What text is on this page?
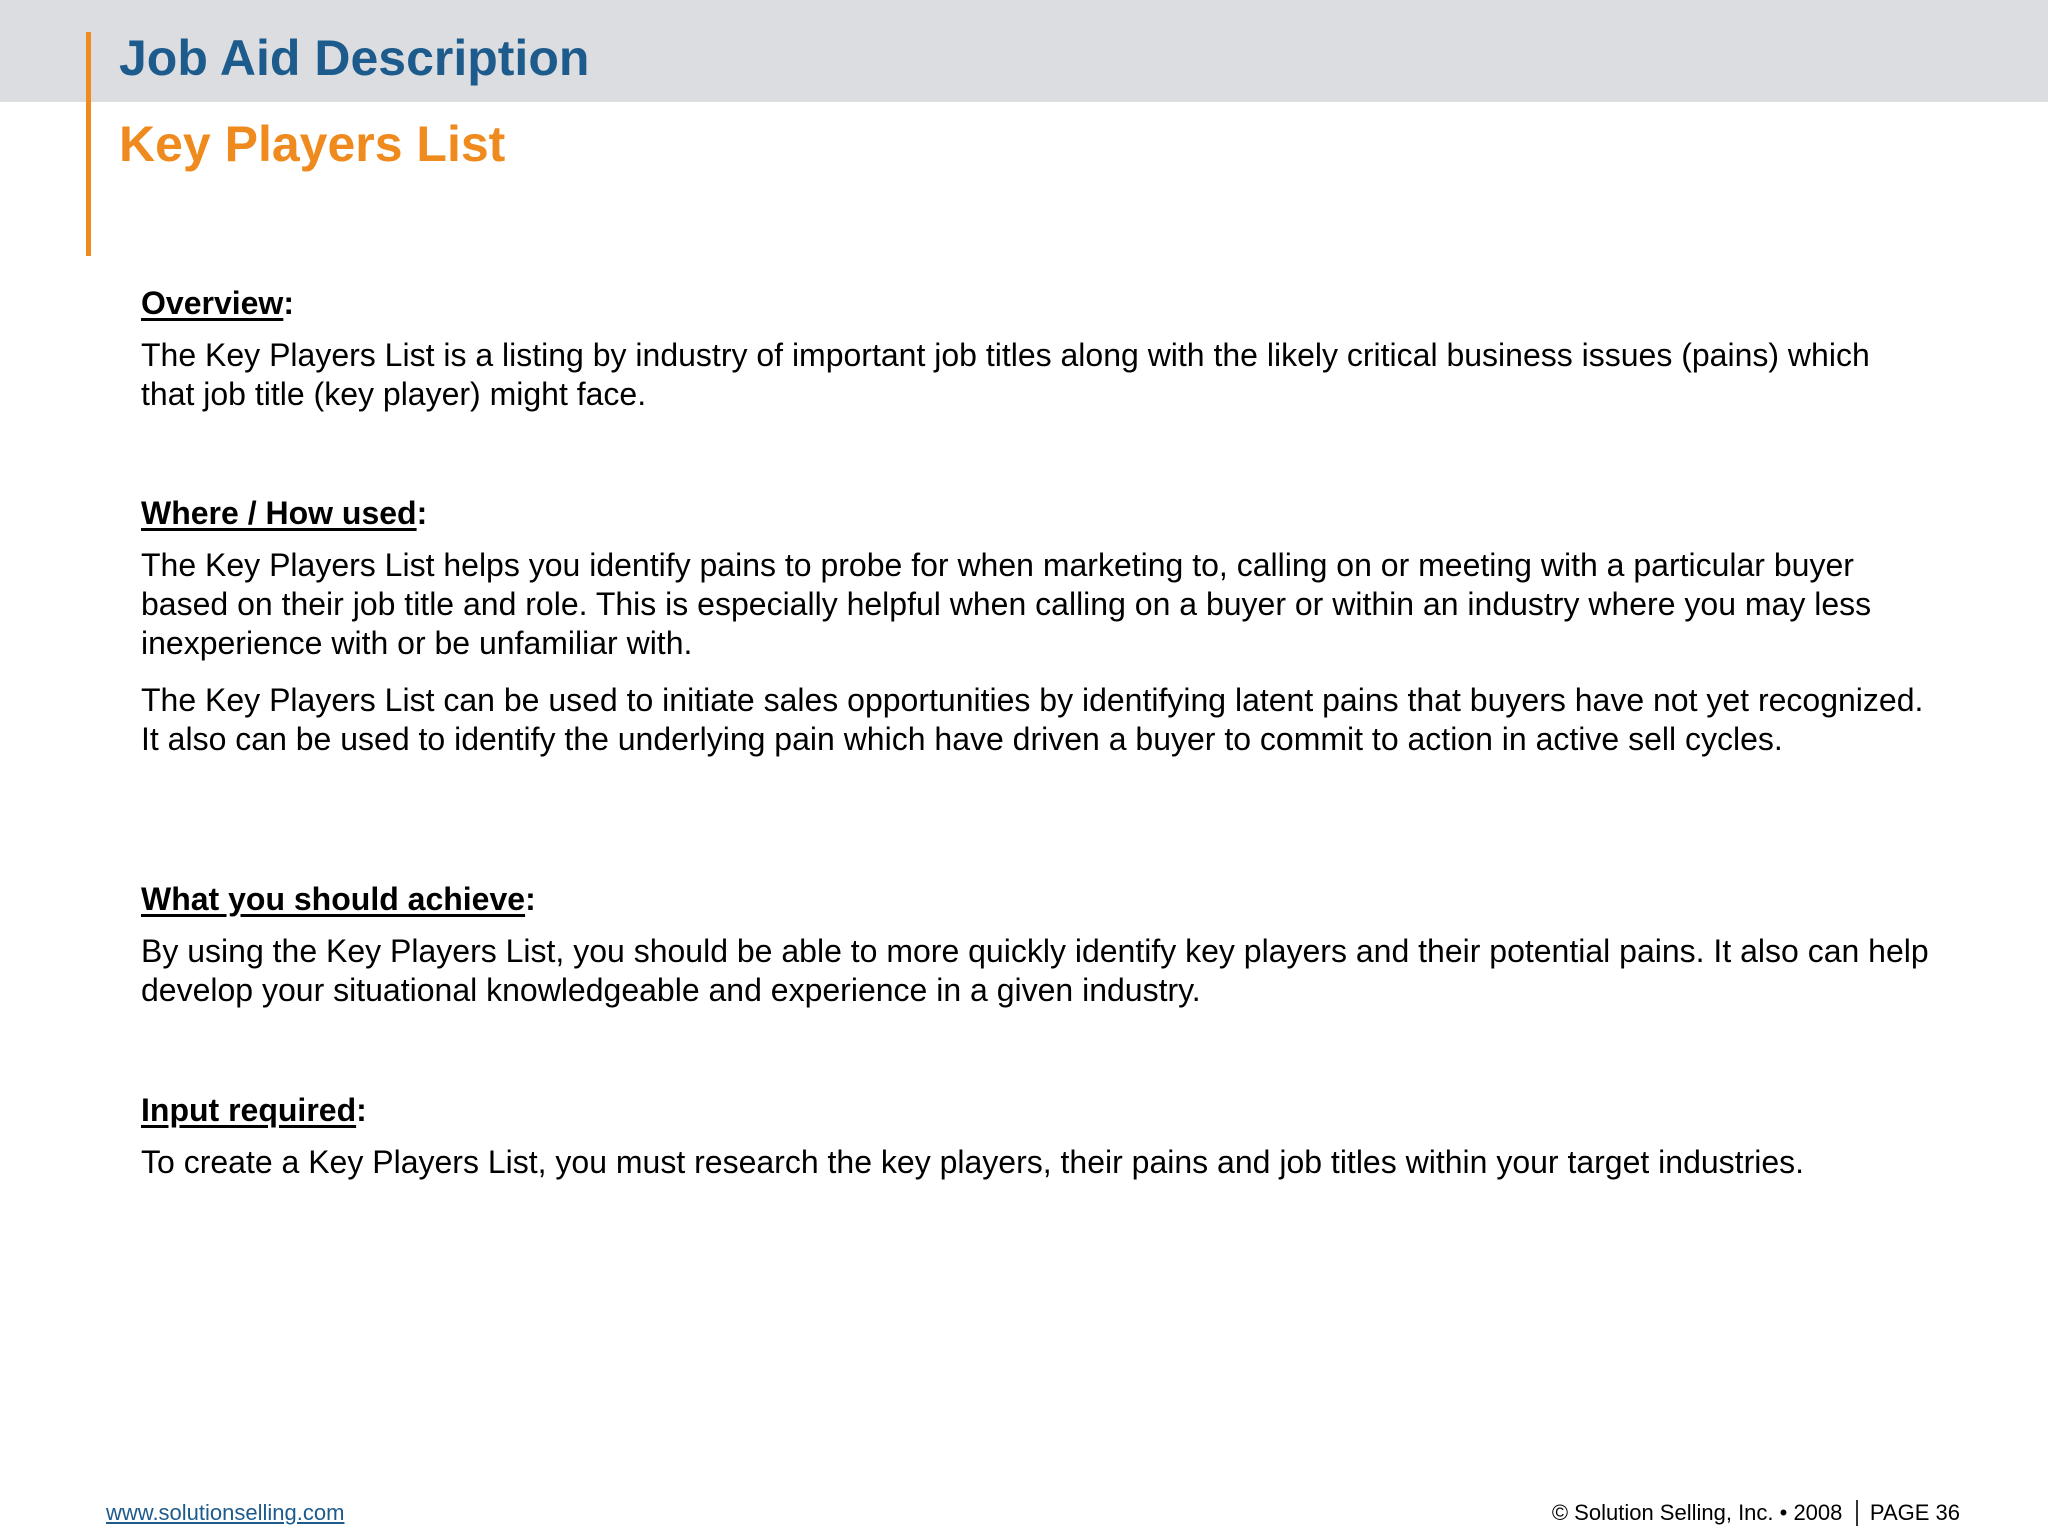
Job Aid Description
Key Players List

Overview:

The Key Players List is a listing by industry of important job titles along with the likely critical business issues (pains) which that job title (key player) might face.

Where / How used:

The Key Players List helps you identify pains to probe for when marketing to, calling on or meeting with a particular buyer based on their job title and role. This is especially helpful when calling on a buyer or within an industry where you may less inexperience with or be unfamiliar with.

The Key Players List can be used to initiate sales opportunities by identifying latent pains that buyers have not yet recognized. It also can be used to identify the underlying pain which have driven a buyer to commit to action in active sell cycles.

What you should achieve:

By using the Key Players List, you should be able to more quickly identify key players and their potential pains. It also can help develop your situational knowledgeable and experience in a given industry.

Input required:

To create a Key Players List, you must research the key players, their pains and job titles within your target industries.

www.solutionselling.com	© Solution Selling, Inc. • 2008 PAGE 36
